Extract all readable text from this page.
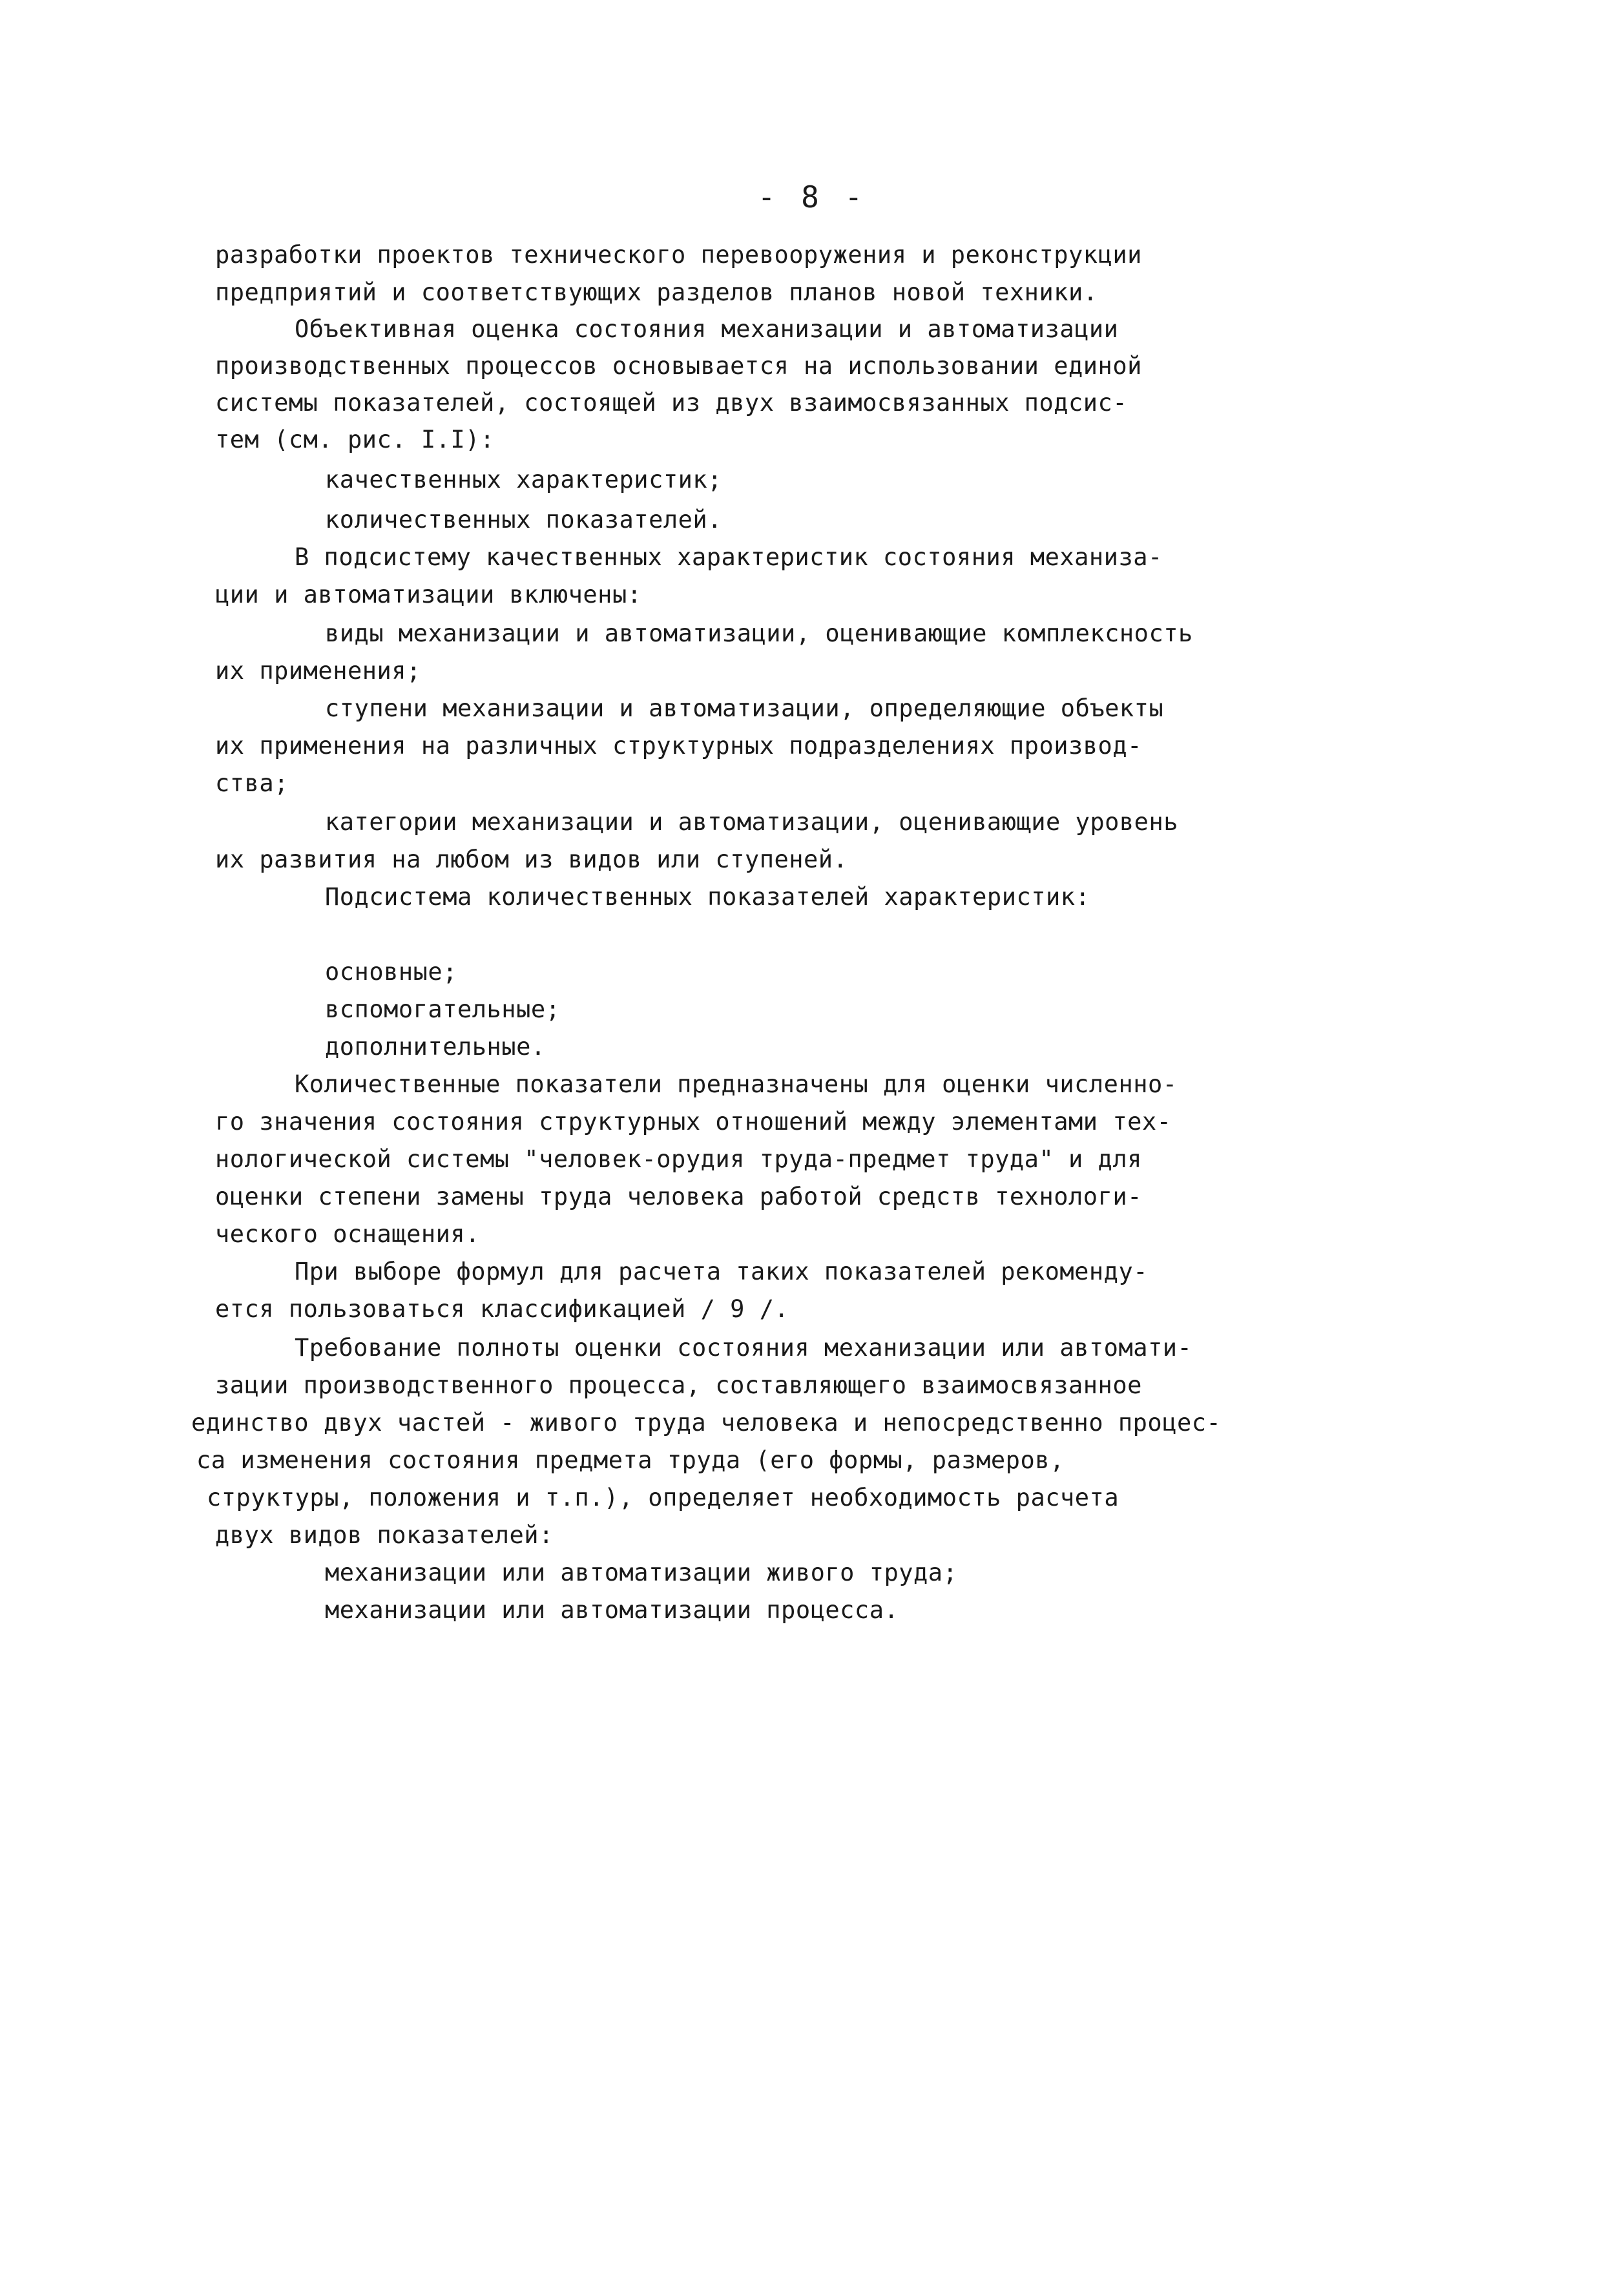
- 8 -
разработки проектов технического перевооружения и реконструкции
предприятий и соответствующих разделов планов новой техники.
Объективная оценка состояния механизации и автоматизации
производственных процессов основывается на использовании единой
системы показателей, состоящей из двух взаимосвязанных подсис-
тем (см. рис. I.I):
качественных характеристик;
количественных показателей.
В подсистему качественных характеристик состояния механиза-
ции и автоматизации включены:
виды механизации и автоматизации, оценивающие комплексность
их применения;
ступени механизации и автоматизации, определяющие объекты
их применения на различных структурных подразделениях производ-
ства;
категории механизации и автоматизации, оценивающие уровень
их развития на любом из видов или ступеней.
Подсистема количественных показателей характеристик:
основные;
вспомогательные;
дополнительные.
Количественные показатели предназначены для оценки численно-
го значения состояния структурных отношений между элементами тех-
нологической системы "человек-орудия труда-предмет труда" и для
оценки степени замены труда человека работой средств технологи-
ческого оснащения.
При выборе формул для расчета таких показателей рекоменду-
ется пользоваться классификацией / 9 /.
Требование полноты оценки состояния механизации или автомати-
зации производственного процесса, составляющего взаимосвязанное
единство двух частей - живого труда человека и непосредственно процес-
са изменения состояния предмета труда (его формы, размеров,
структуры, положения и т.п.), определяет необходимость расчета
двух видов показателей:
механизации или автоматизации живого труда;
механизации или автоматизации процесса.
